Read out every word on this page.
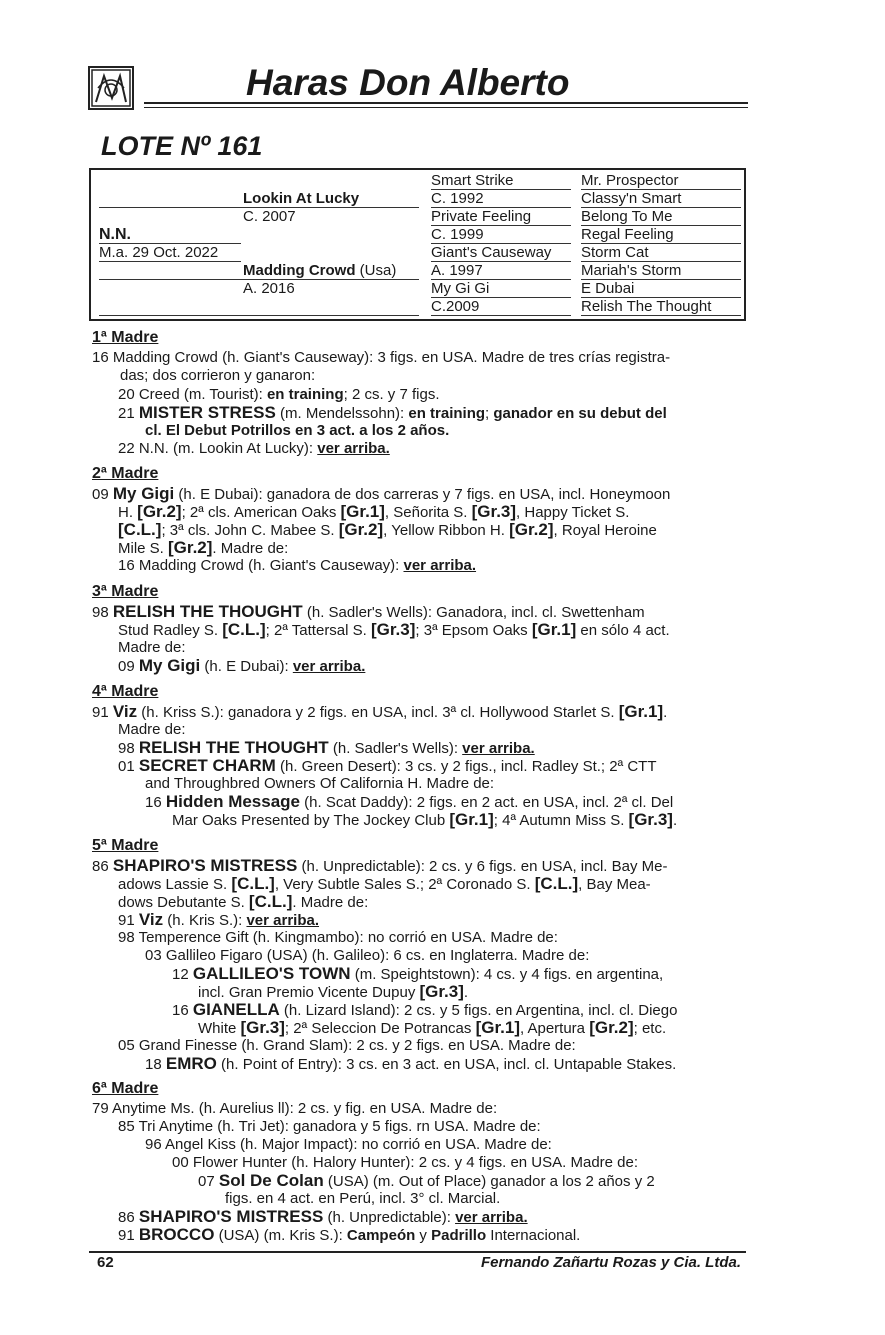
Haras Don Alberto
LOTE Nº 161
Smart Strike
C. 1992
Private Feeling
C. 1999
Giant's Causeway
A. 1997
My Gi Gi
C.2009
Mr. Prospector
Classy'n Smart
Belong To Me
Regal Feeling
Storm Cat
Mariah's Storm
E Dubai
Relish The Thought
Lookin At Lucky
C. 2007
N.N.
M.a. 29 Oct. 2022
Madding Crowd (Usa)
A. 2016
1ª Madre
16 Madding Crowd (h. Giant's Causeway): 3 figs. en USA. Madre de tres crías registra-
das; dos corrieron y ganaron:
20 Creed (m. Tourist): en training; 2 cs. y 7 figs.
21 MISTER STRESS (m. Mendelssohn): en training; ganador en su debut del
cl. El Debut Potrillos en 3 act. a los 2 años.
22 N.N. (m. Lookin At Lucky): ver arriba.
2ª Madre
09 My Gigi (h. E Dubai): ganadora de dos carreras y 7 figs. en USA, incl. Honeymoon
H. [Gr.2]; 2ª cls. American Oaks [Gr.1], Señorita S. [Gr.3], Happy Ticket S.
[C.L.]; 3ª cls. John C. Mabee S. [Gr.2], Yellow Ribbon H. [Gr.2], Royal Heroine
Mile S. [Gr.2]. Madre de:
16 Madding Crowd (h. Giant's Causeway): ver arriba.
3ª Madre
98 RELISH THE THOUGHT (h. Sadler's Wells): Ganadora, incl. cl. Swettenham
Stud Radley S. [C.L.]; 2ª Tattersal S. [Gr.3]; 3ª Epsom Oaks [Gr.1] en sólo 4 act.
Madre de:
09 My Gigi (h. E Dubai): ver arriba.
4ª Madre
91 Viz (h. Kriss S.): ganadora y 2 figs. en USA, incl. 3ª cl. Hollywood Starlet S. [Gr.1].
Madre de:
98 RELISH THE THOUGHT (h. Sadler's Wells): ver arriba.
01 SECRET CHARM (h. Green Desert): 3 cs. y 2 figs., incl. Radley St.; 2ª CTT
and Throughbred Owners Of California H. Madre de:
16 Hidden Message (h. Scat Daddy): 2 figs. en 2 act. en USA, incl. 2ª cl. Del
Mar Oaks Presented by The Jockey Club [Gr.1]; 4ª Autumn Miss S. [Gr.3].
5ª Madre
86 SHAPIRO'S MISTRESS (h. Unpredictable): 2 cs. y 6 figs. en USA, incl. Bay Me-
adows Lassie S. [C.L.], Very Subtle Sales S.; 2ª Coronado S. [C.L.], Bay Mea-
dows Debutante S. [C.L.]. Madre de:
91 Viz (h. Kris S.): ver arriba.
98 Temperence Gift (h. Kingmambo): no corrió en USA. Madre de:
03 Gallileo Figaro (USA) (h. Galileo): 6 cs. en Inglaterra. Madre de:
12 GALLILEO'S TOWN (m. Speightstown): 4 cs. y 4 figs. en argentina,
incl. Gran Premio Vicente Dupuy [Gr.3].
16 GIANELLA (h. Lizard Island): 2 cs. y 5 figs. en Argentina, incl. cl. Diego
White [Gr.3]; 2ª Seleccion De Potrancas [Gr.1], Apertura [Gr.2]; etc.
05 Grand Finesse (h. Grand Slam): 2 cs. y 2 figs. en USA. Madre de:
18 EMRO (h. Point of Entry): 3 cs. en 3 act. en USA, incl. cl. Untapable Stakes.
6ª Madre
79 Anytime Ms. (h. Aurelius ll): 2 cs. y fig. en USA. Madre de:
85 Tri Anytime (h. Tri Jet): ganadora y 5 figs. rn USA. Madre de:
96 Angel Kiss (h. Major Impact): no corrió en USA. Madre de:
00 Flower Hunter (h. Halory Hunter): 2 cs. y 4 figs. en USA. Madre de:
07 Sol De Colan (USA) (m. Out of Place) ganador a los 2 años y 2
figs. en 4 act. en Perú, incl. 3° cl. Marcial.
86 SHAPIRO'S MISTRESS (h. Unpredictable): ver arriba.
91 BROCCO (USA) (m. Kris S.): Campeón y Padrillo Internacional.
62	Fernando Zañartu Rozas y Cia. Ltda.
